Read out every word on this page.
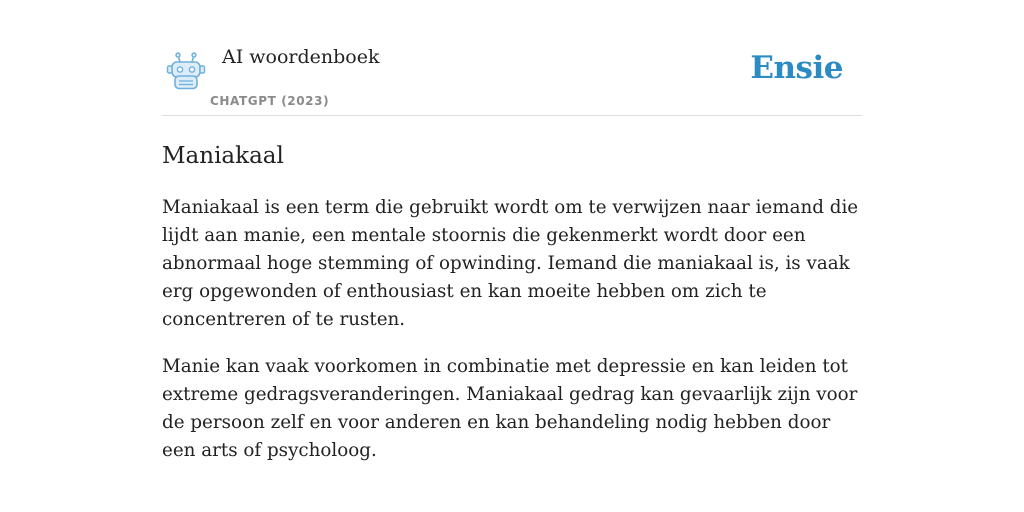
AI woordenboek
CHATGPT (2023)
Ensie
Maniakaal

Maniakaal is een term die gebruikt wordt om te verwijzen naar iemand die lijdt aan manie, een mentale stoornis die gekenmerkt wordt door een abnormaal hoge stemming of opwinding. Iemand die maniakaal is, is vaak erg opgewonden of enthousiast en kan moeite hebben om zich te concentreren of te rusten.

Manie kan vaak voorkomen in combinatie met depressie en kan leiden tot extreme gedragsveranderingen. Maniakaal gedrag kan gevaarlijk zijn voor de persoon zelf en voor anderen en kan behandeling nodig hebben door een arts of psycholoog.
